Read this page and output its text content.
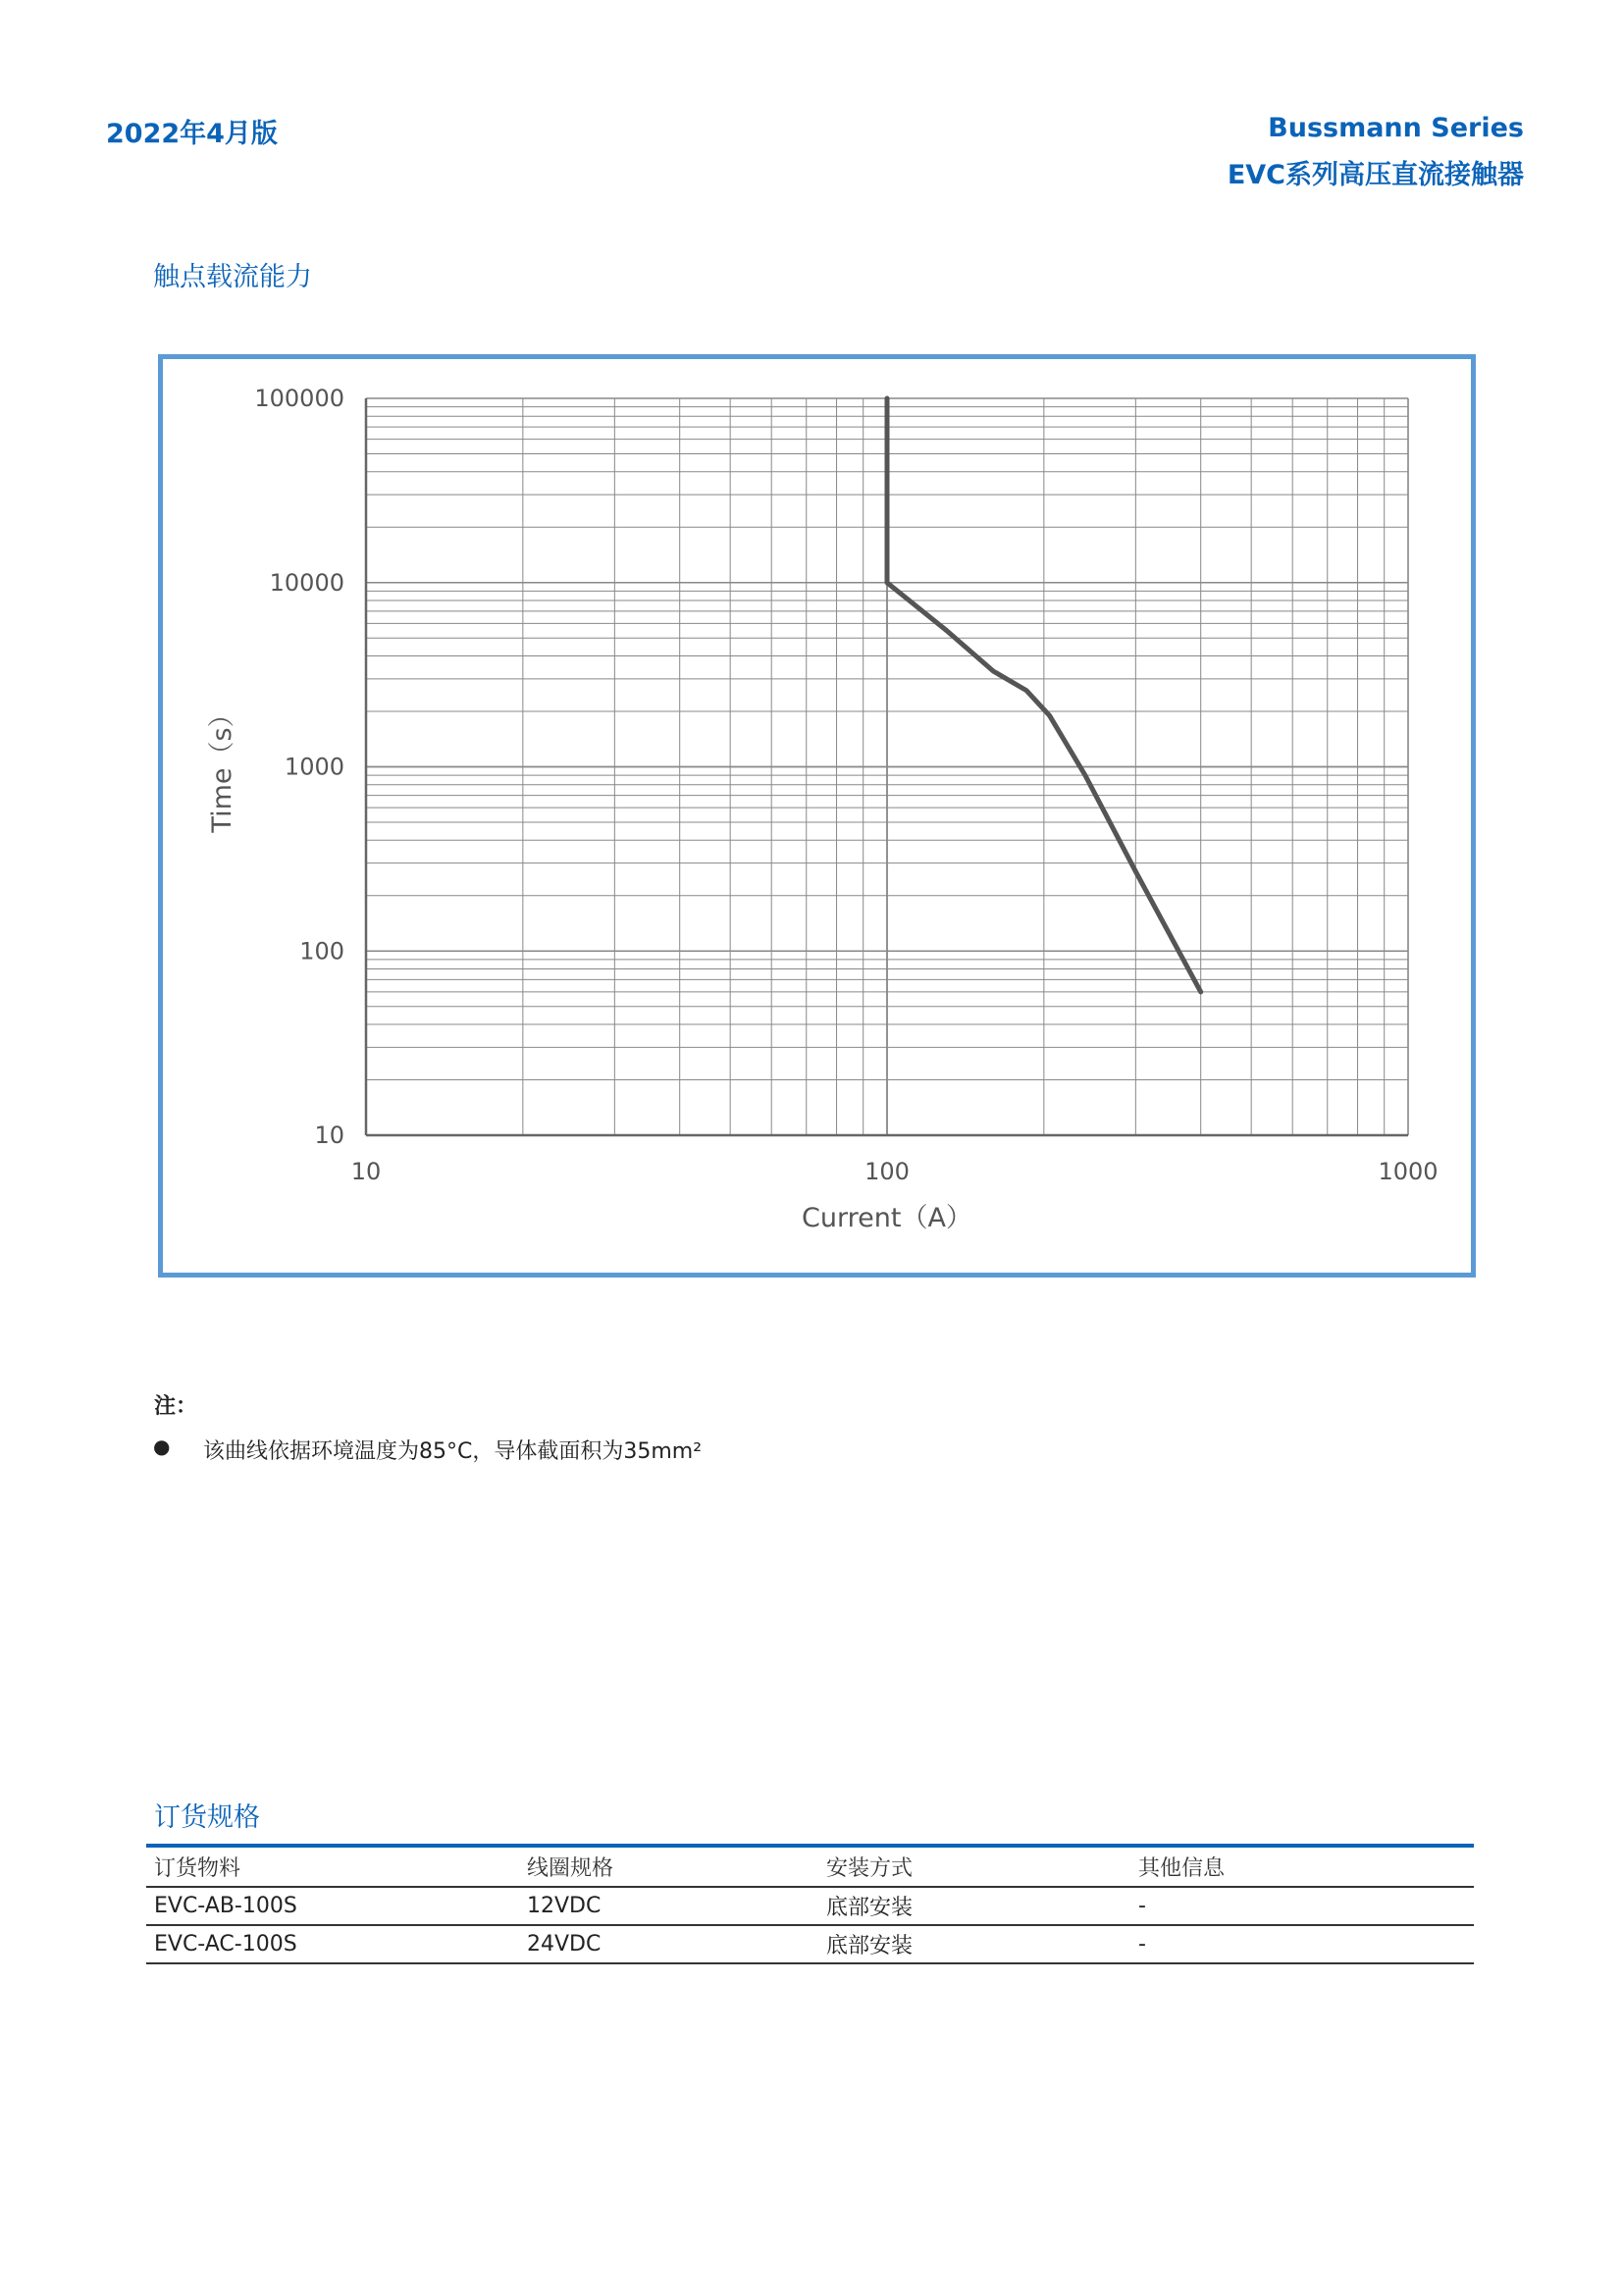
2022年4月版	Bussmann Series
EVC系列高压直流接触器
触点载流能力
100000
10000
1000
100
10
10	100	1000
Current（A）
Time（s）
注：
● 该曲线依据环境温度为85°C，导体截面积为35mm²
订货规格
订货物料	线圈规格	安装方式	其他信息
EVC-AB-100S	12VDC	底部安装	-
EVC-AC-100S	24VDC	底部安装	-
